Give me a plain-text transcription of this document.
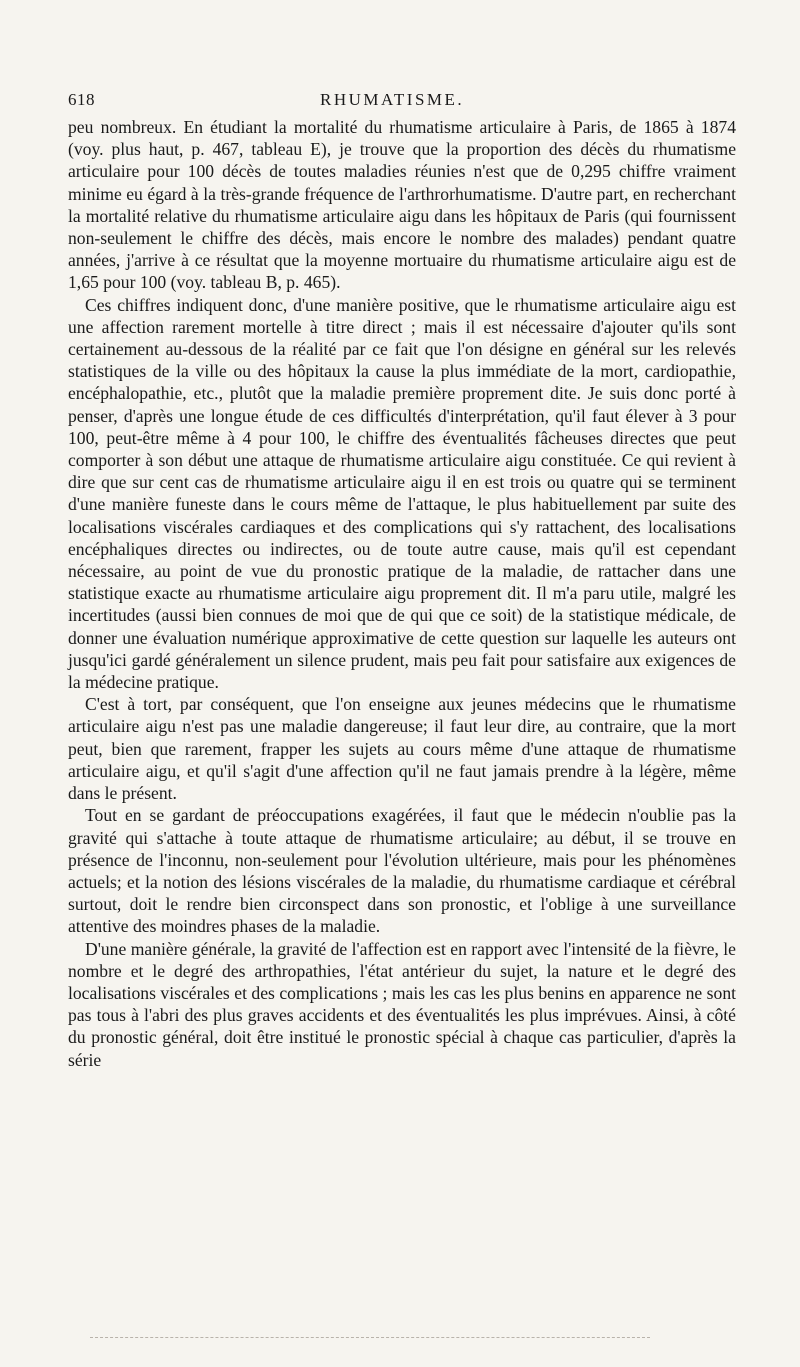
618	RHUMATISME.

peu nombreux. En étudiant la mortalité du rhumatisme articulaire à Paris, de 1865 à 1874 (voy. plus haut, p. 467, tableau E), je trouve que la proportion des décès du rhumatisme articulaire pour 100 décès de toutes maladies réunies n'est que de 0,295 chiffre vraiment minime eu égard à la très-grande fréquence de l'arthrorhumatisme. D'autre part, en recherchant la mortalité relative du rhumatisme articulaire aigu dans les hôpitaux de Paris (qui fournissent non-seulement le chiffre des décès, mais encore le nombre des malades) pendant quatre années, j'arrive à ce résultat que la moyenne mortuaire du rhumatisme articulaire aigu est de 1,65 pour 100 (voy. tableau B, p. 465).

Ces chiffres indiquent donc, d'une manière positive, que le rhumatisme articulaire aigu est une affection rarement mortelle à titre direct ; mais il est nécessaire d'ajouter qu'ils sont certainement au-dessous de la réalité par ce fait que l'on désigne en général sur les relevés statistiques de la ville ou des hôpitaux la cause la plus immédiate de la mort, cardiopathie, encéphalopathie, etc., plutôt que la maladie première proprement dite. Je suis donc porté à penser, d'après une longue étude de ces difficultés d'interprétation, qu'il faut élever à 3 pour 100, peut-être même à 4 pour 100, le chiffre des éventualités fâcheuses directes que peut comporter à son début une attaque de rhumatisme articulaire aigu constituée. Ce qui revient à dire que sur cent cas de rhumatisme articulaire aigu il en est trois ou quatre qui se terminent d'une manière funeste dans le cours même de l'attaque, le plus habituellement par suite des localisations viscérales cardiaques et des complications qui s'y rattachent, des localisations encéphaliques directes ou indirectes, ou de toute autre cause, mais qu'il est cependant nécessaire, au point de vue du pronostic pratique de la maladie, de rattacher dans une statistique exacte au rhumatisme articulaire aigu proprement dit. Il m'a paru utile, malgré les incertitudes (aussi bien connues de moi que de qui que ce soit) de la statistique médicale, de donner une évaluation numérique approximative de cette question sur laquelle les auteurs ont jusqu'ici gardé généralement un silence prudent, mais peu fait pour satisfaire aux exigences de la médecine pratique.

C'est à tort, par conséquent, que l'on enseigne aux jeunes médecins que le rhumatisme articulaire aigu n'est pas une maladie dangereuse; il faut leur dire, au contraire, que la mort peut, bien que rarement, frapper les sujets au cours même d'une attaque de rhumatisme articulaire aigu, et qu'il s'agit d'une affection qu'il ne faut jamais prendre à la légère, même dans le présent.

Tout en se gardant de préoccupations exagérées, il faut que le médecin n'oublie pas la gravité qui s'attache à toute attaque de rhumatisme articulaire; au début, il se trouve en présence de l'inconnu, non-seulement pour l'évolution ultérieure, mais pour les phénomènes actuels; et la notion des lésions viscérales de la maladie, du rhumatisme cardiaque et cérébral surtout, doit le rendre bien circonspect dans son pronostic, et l'oblige à une surveillance attentive des moindres phases de la maladie.

D'une manière générale, la gravité de l'affection est en rapport avec l'intensité de la fièvre, le nombre et le degré des arthropathies, l'état antérieur du sujet, la nature et le degré des localisations viscérales et des complications ; mais les cas les plus benins en apparence ne sont pas tous à l'abri des plus graves accidents et des éventualités les plus imprévues. Ainsi, à côté du pronostic général, doit être institué le pronostic spécial à chaque cas particulier, d'après la série
